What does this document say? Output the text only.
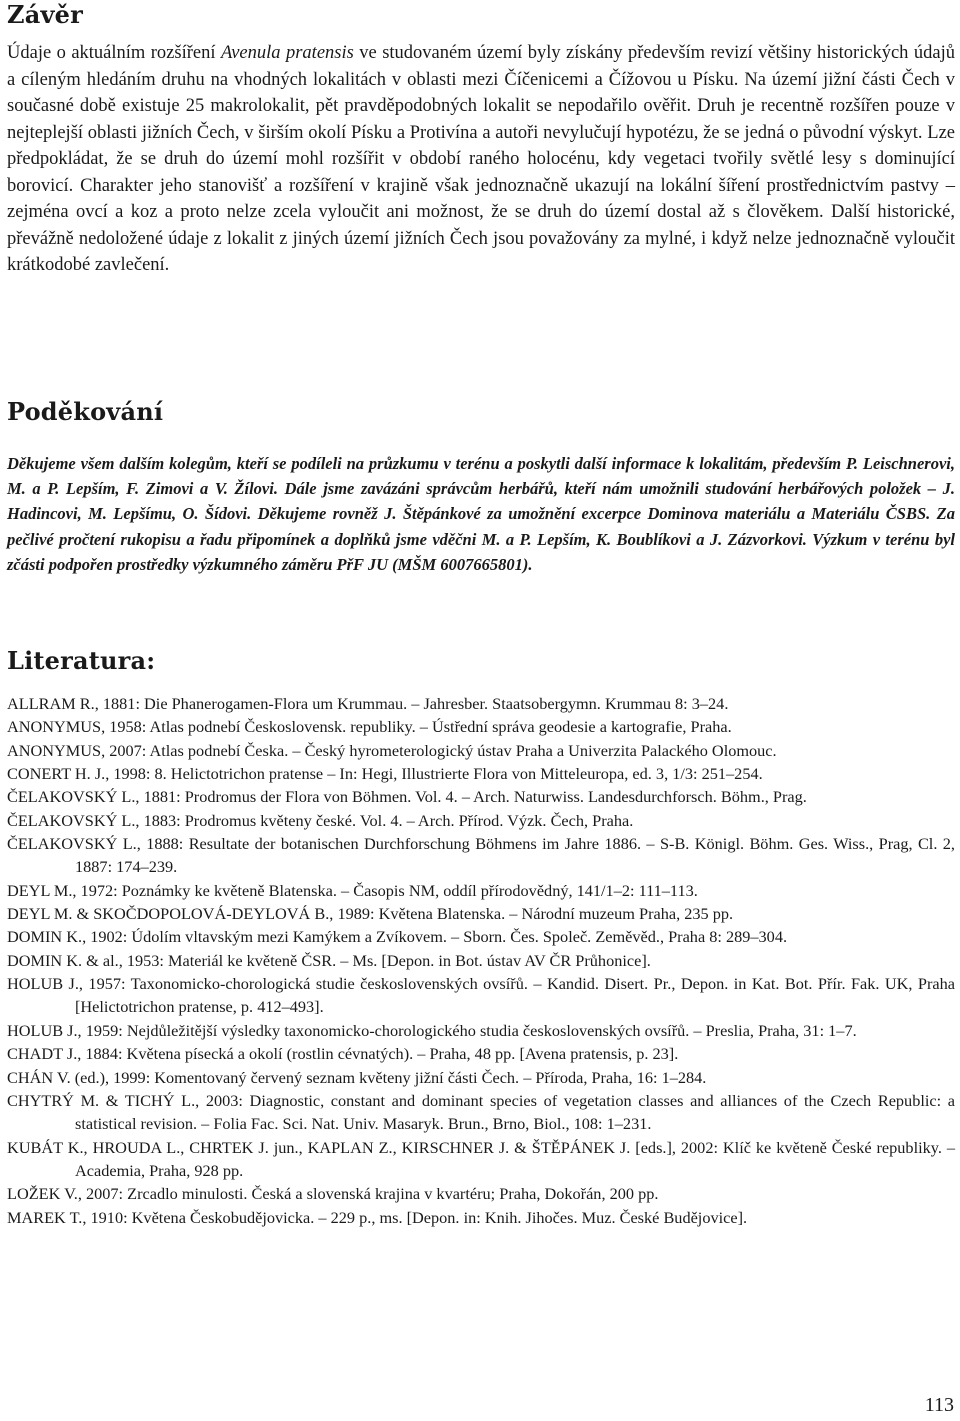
Závěr

Údaje o aktuálním rozšíření Avenula pratensis ve studovaném území byly získány především revizí většiny historických údajů a cíleným hledáním druhu na vhodných lokalitách v oblasti mezi Číčenicemi a Čížovou u Písku. Na území jižní části Čech v současné době existuje 25 makrolokalit, pět pravděpodobných lokalit se nepodařilo ověřit. Druh je recentně rozšířen pouze v nejteplejší oblasti jižních Čech, v širším okolí Písku a Protivína a autoři nevylučují hypotézu, že se jedná o původní výskyt. Lze předpokládat, že se druh do území mohl rozšířit v období raného holocénu, kdy vegetaci tvořily světlé lesy s dominující borovicí. Charakter jeho stanovišť a rozšíření v krajině však jednoznačně ukazují na lokální šíření prostřednictvím pastvy – zejména ovcí a koz a proto nelze zcela vyloučit ani možnost, že se druh do území dostal až s člověkem. Další historické, převážně nedoložené údaje z lokalit z jiných území jižních Čech jsou považovány za mylné, i když nelze jednoznačně vyloučit krátkodobé zavlečení.

Poděkování

Děkujeme všem dalším kolegům, kteří se podíleli na průzkumu v terénu a poskytli další informace k lokalitám, především P. Leischnerovi, M. a P. Lepším, F. Zimovi a V. Žílovi. Dále jsme zavázáni správcům herbářů, kteří nám umožnili studování herbářových položek – J. Hadincovi, M. Lepšímu, O. Šídovi. Děkujeme rovněž J. Štěpánkové za umožnění excerpce Dominova materiálu a Materiálu ČSBS. Za pečlivé pročtení rukopisu a řadu připomínek a doplňků jsme vděčni M. a P. Lepším, K. Boublíkovi a J. Zázvorkovi. Výzkum v terénu byl zčásti podpořen prostředky výzkumného záměru PřF JU (MŠM 6007665801).

Literatura:
ALLRAM R., 1881: Die Phanerogamen-Flora um Krummau. – Jahresber. Staatsobergymn. Krummau 8: 3–24.
ANONYMUS, 1958: Atlas podnebí Československ. republiky. – Ústřední správa geodesie a kartografie, Praha.
ANONYMUS, 2007: Atlas podnebí Česka. – Český hyrometerologický ústav Praha a Univerzita Palackého Olomouc.
CONERT H. J., 1998: 8. Helictotrichon pratense – In: Hegi, Illustrierte Flora von Mitteleuropa, ed. 3, 1/3: 251–254.
ČELAKOVSKÝ L., 1881: Prodromus der Flora von Böhmen. Vol. 4. – Arch. Naturwiss. Landesdurchforsch. Böhm., Prag.
ČELAKOVSKÝ L., 1883: Prodromus květeny české. Vol. 4. – Arch. Přírod. Výzk. Čech, Praha.
ČELAKOVSKÝ L., 1888: Resultate der botanischen Durchforschung Böhmens im Jahre 1886. – S-B. Königl. Böhm. Ges. Wiss., Prag, Cl. 2, 1887: 174–239.
DEYL M., 1972: Poznámky ke květeně Blatenska. – Časopis NM, oddíl přírodovědný, 141/1–2: 111–113.
DEYL M. & SKOČDOPOLOVÁ-DEYLOVÁ B., 1989: Květena Blatenska. – Národní muzeum Praha, 235 pp.
DOMIN K., 1902: Údolím vltavským mezi Kamýkem a Zvíkovem. – Sborn. Čes. Společ. Zeměvěd., Praha 8: 289–304.
DOMIN K. & al., 1953: Materiál ke květeně ČSR. – Ms. [Depon. in Bot. ústav AV ČR Průhonice].
HOLUB J., 1957: Taxonomicko-chorologická studie československých ovsířů. – Kandid. Disert. Pr., Depon. in Kat. Bot. Přír. Fak. UK, Praha [Helictotrichon pratense, p. 412–493].
HOLUB J., 1959: Nejdůležitější výsledky taxonomicko-chorologického studia československých ovsířů. – Preslia, Praha, 31: 1–7.
CHADT J., 1884: Květena písecká a okolí (rostlin cévnatých). – Praha, 48 pp. [Avena pratensis, p. 23].
CHÁN V. (ed.), 1999: Komentovaný červený seznam květeny jižní části Čech. – Příroda, Praha, 16: 1–284.
CHYTRÝ M. & TICHÝ L., 2003: Diagnostic, constant and dominant species of vegetation classes and alliances of the Czech Republic: a statistical revision. – Folia Fac. Sci. Nat. Univ. Masaryk. Brun., Brno, Biol., 108: 1–231.
KUBÁT K., HROUDA L., CHRTEK J. jun., KAPLAN Z., KIRSCHNER J. & ŠTĚPÁNEK J. [eds.], 2002: Klíč ke květeně České republiky. – Academia, Praha, 928 pp.
LOŽEK V., 2007: Zrcadlo minulosti. Česká a slovenská krajina v kvartéru; Praha, Dokořán, 200 pp.
MAREK T., 1910: Květena Českobudějovicka. – 229 p., ms. [Depon. in: Knih. Jihočes. Muz. České Budějovice].
113
